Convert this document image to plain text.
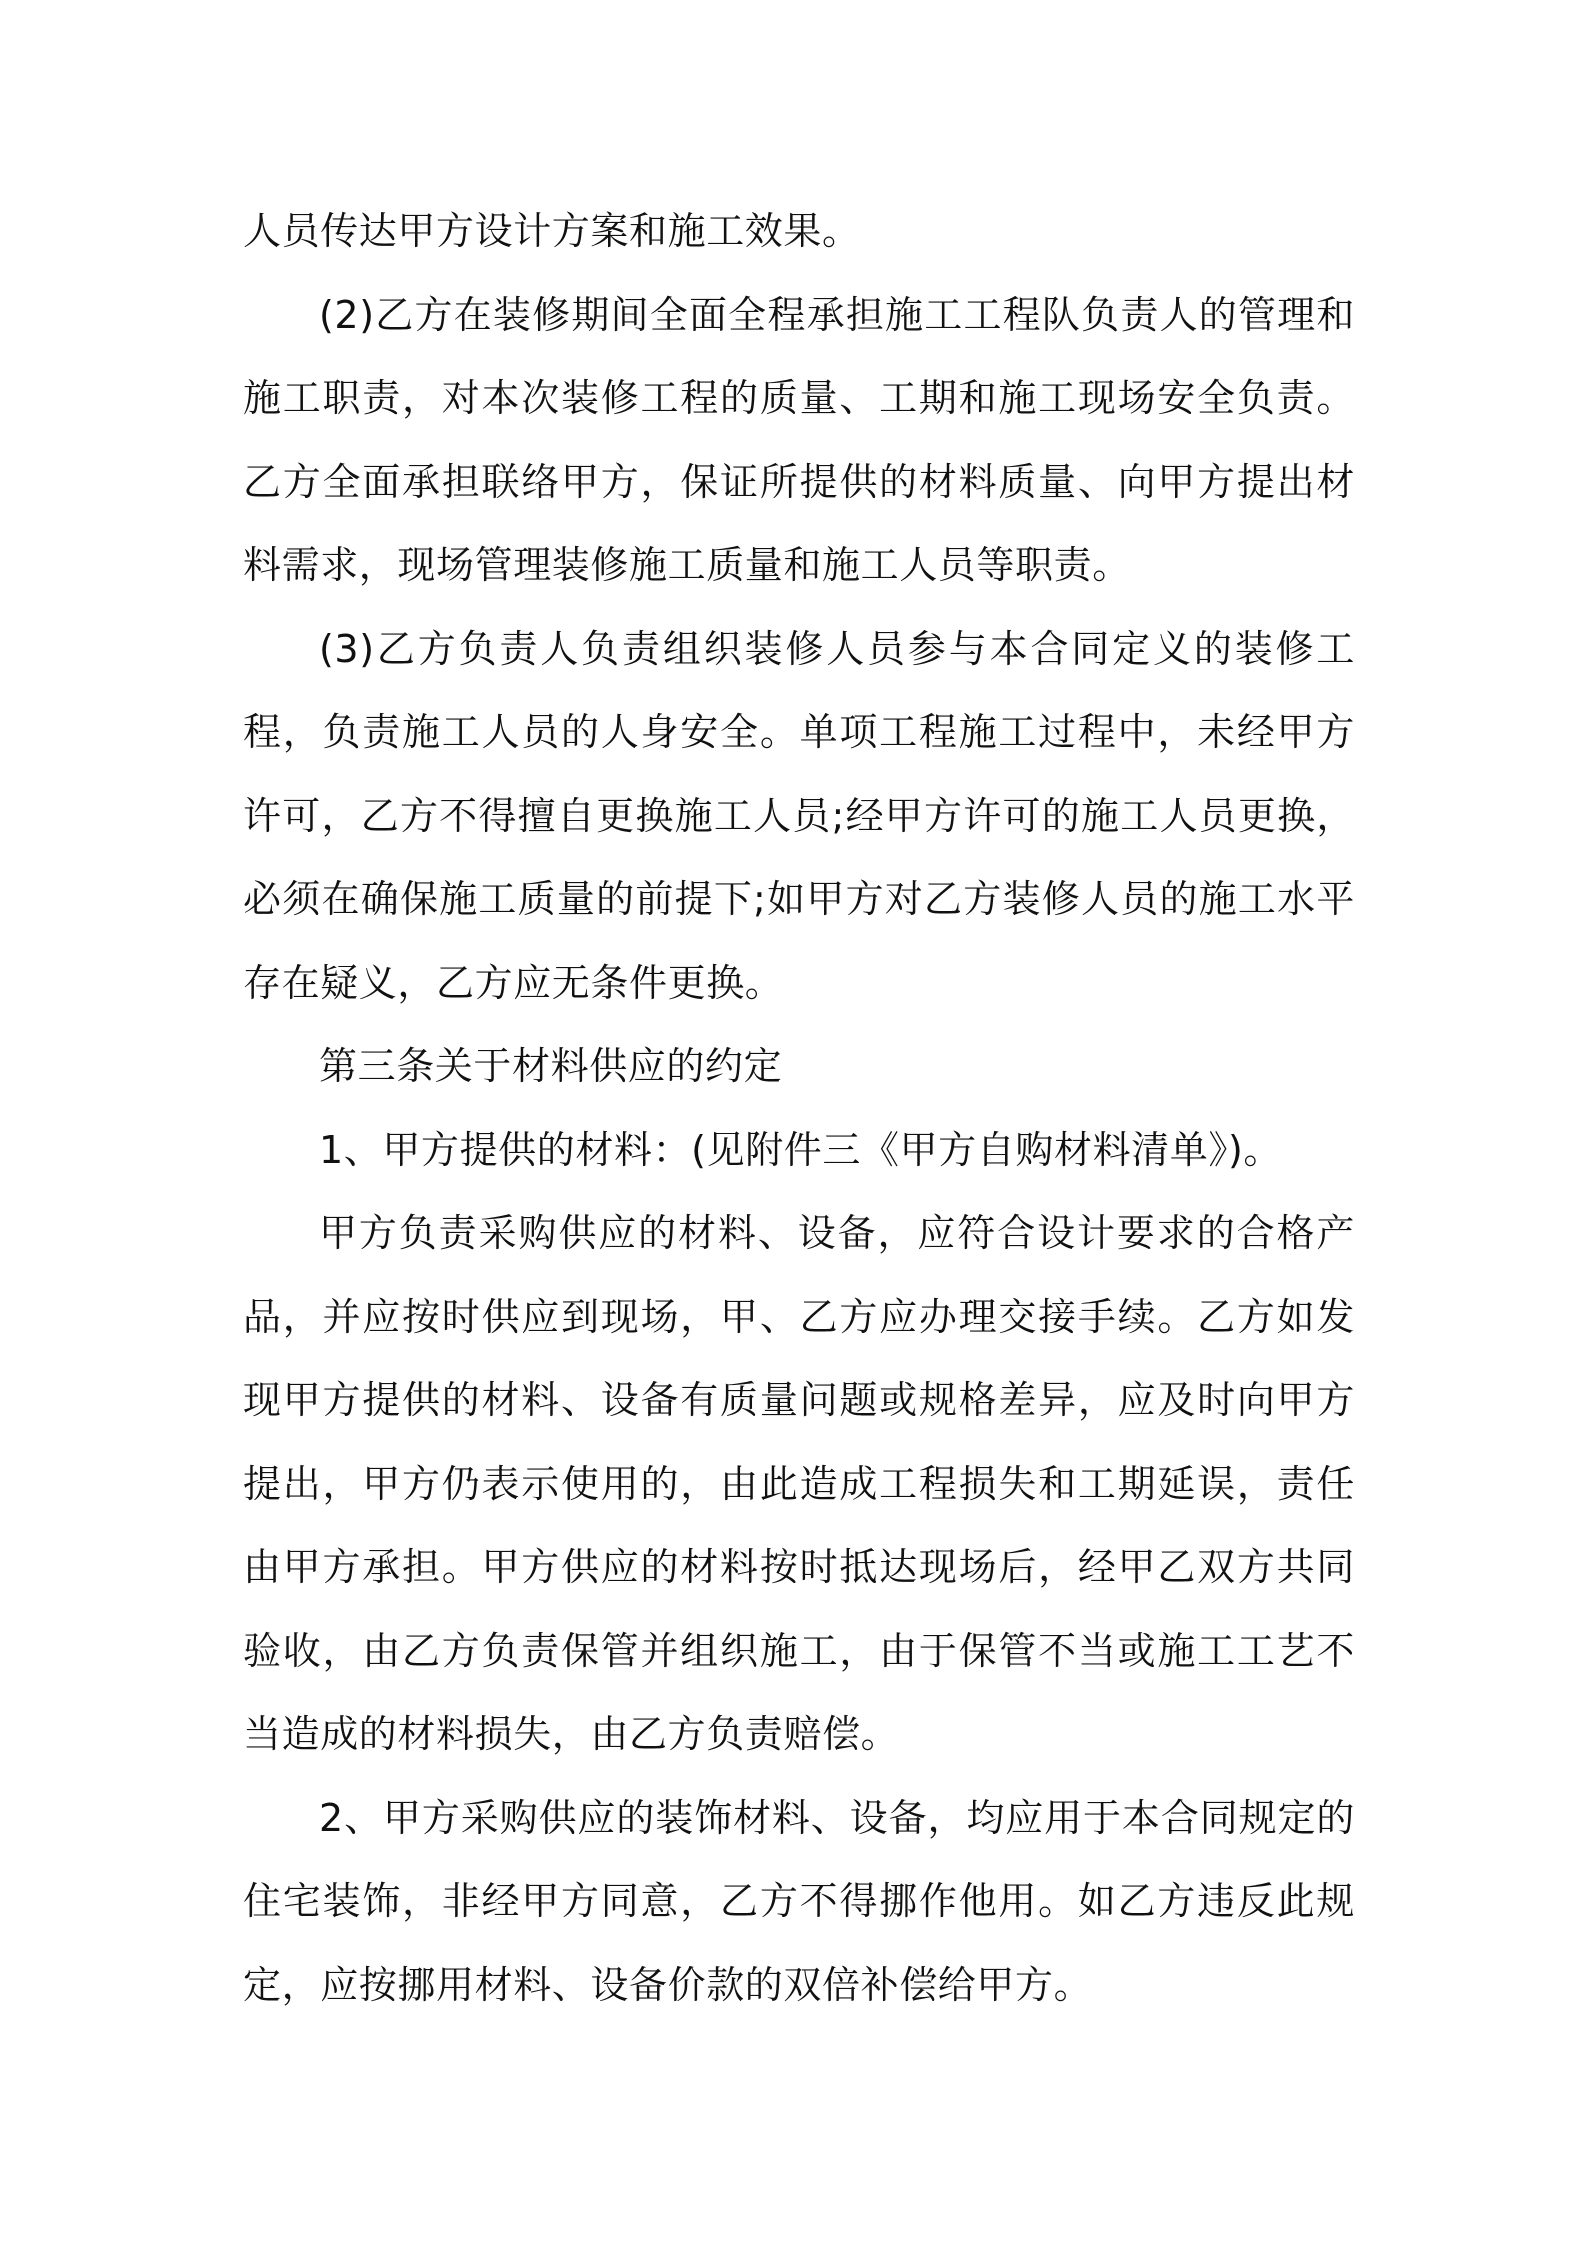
人员传达甲方设计方案和施工效果。

(2)乙方在装修期间全面全程承担施工工程队负责人的管理和施工职责，对本次装修工程的质量、工期和施工现场安全负责。乙方全面承担联络甲方，保证所提供的材料质量、向甲方提出材料需求，现场管理装修施工质量和施工人员等职责。

(3)乙方负责人负责组织装修人员参与本合同定义的装修工程，负责施工人员的人身安全。单项工程施工过程中，未经甲方许可，乙方不得擅自更换施工人员;经甲方许可的施工人员更换，必须在确保施工质量的前提下;如甲方对乙方装修人员的施工水平存在疑义，乙方应无条件更换。

第三条关于材料供应的约定

1、甲方提供的材料：(见附件三《甲方自购材料清单》)。

甲方负责采购供应的材料、设备，应符合设计要求的合格产品，并应按时供应到现场，甲、乙方应办理交接手续。乙方如发现甲方提供的材料、设备有质量问题或规格差异，应及时向甲方提出，甲方仍表示使用的，由此造成工程损失和工期延误，责任由甲方承担。甲方供应的材料按时抵达现场后，经甲乙双方共同验收，由乙方负责保管并组织施工，由于保管不当或施工工艺不当造成的材料损失，由乙方负责赔偿。

2、甲方采购供应的装饰材料、设备，均应用于本合同规定的住宅装饰，非经甲方同意，乙方不得挪作他用。如乙方违反此规定，应按挪用材料、设备价款的双倍补偿给甲方。
